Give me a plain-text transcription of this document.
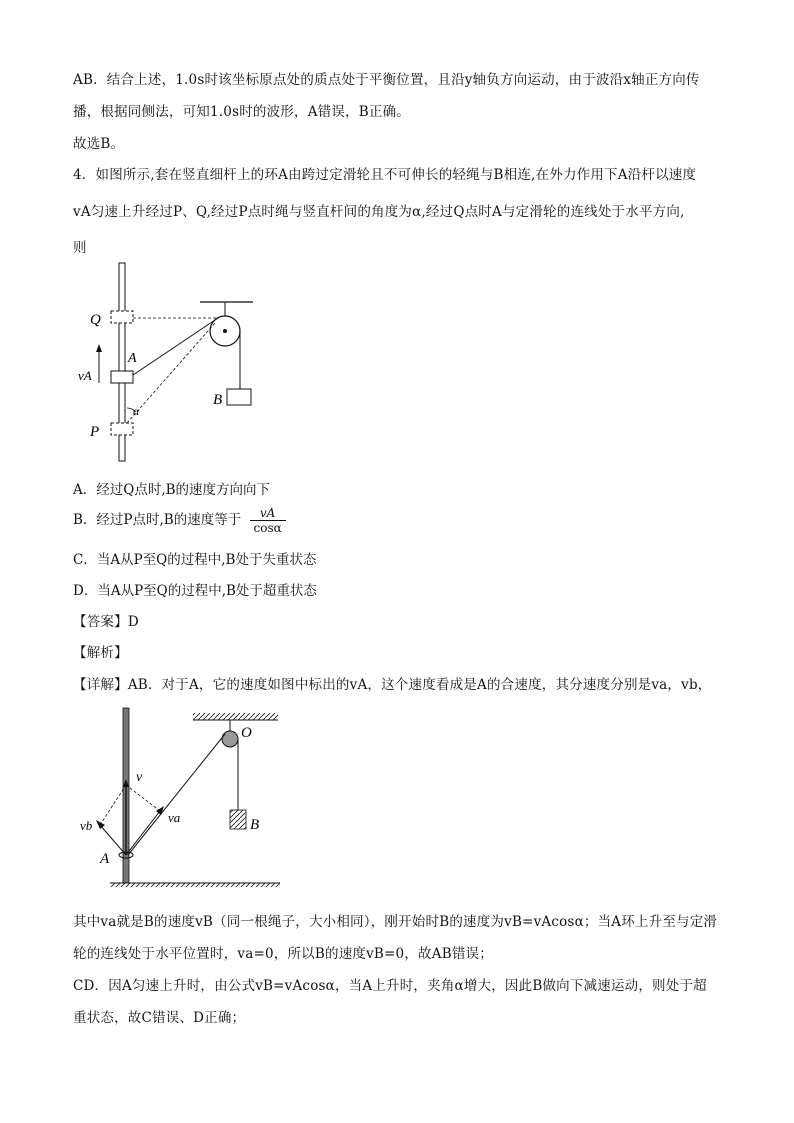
AB．结合上述，1.0s时该坐标原点处的质点处于平衡位置，且沿y轴负方向运动，由于波沿x轴正方向传
播，根据同侧法，可知1.0s时的波形，A错误，B正确。
故选B。
4．如图所示,套在竖直细杆上的环A由跨过定滑轮且不可伸长的轻绳与B相连,在外力作用下A沿杆以速度
vA匀速上升经过P、Q,经过P点时绳与竖直杆间的角度为α,经过Q点时A与定滑轮的连线处于水平方向,
则
Q
A
vA
α
B
P
A．经过Q点时,B的速度方向向下
B．经过P点时,B的速度等于 $\frac{vA}{\cos\alpha}$
C．当A从P至Q的过程中,B处于失重状态
D．当A从P至Q的过程中,B处于超重状态
【答案】D
【解析】
【详解】AB．对于A，它的速度如图中标出的vA，这个速度看成是A的合速度，其分速度分别是va，vb，
O
v
va
vb	B
A
其中va就是B的速度vB（同一根绳子，大小相同），刚开始时B的速度为vB=vAcosα；当A环上升至与定滑
轮的连线处于水平位置时，va=0，所以B的速度vB=0，故AB错误；
CD．因A匀速上升时，由公式vB=vAcosα，当A上升时，夹角α增大，因此B做向下减速运动，则处于超
重状态，故C错误、D正确；
